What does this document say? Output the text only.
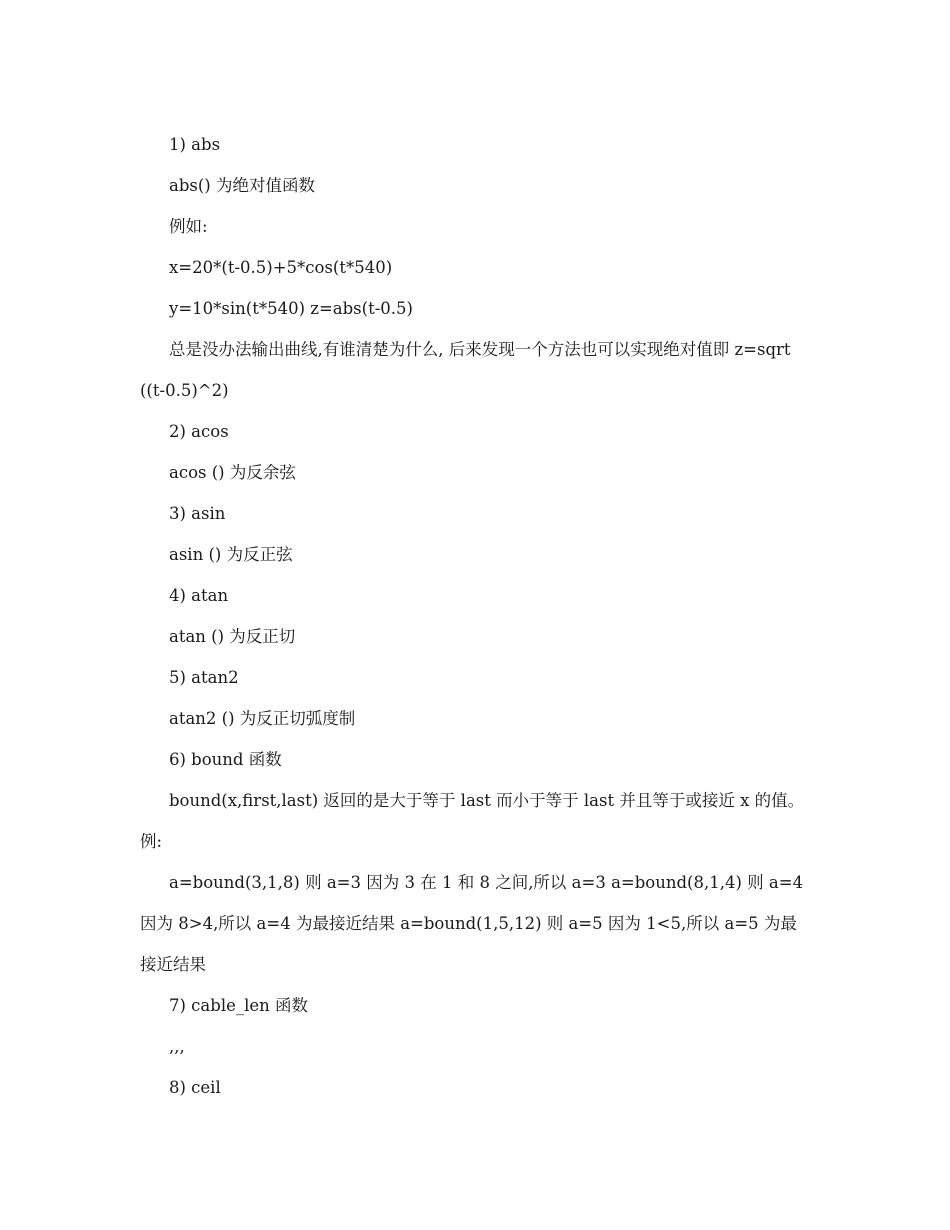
1) abs

abs() 为绝对值函数

例如:

x=20*(t-0.5)+5*cos(t*540)

y=10*sin(t*540) z=abs(t-0.5)

总是没办法输出曲线,有谁清楚为什么, 后来发现一个方法也可以实现绝对值即 z=sqrt((t-0.5)^2)

2) acos

acos () 为反余弦

3) asin

asin () 为反正弦

4) atan

atan () 为反正切

5) atan2

atan2 () 为反正切弧度制

6) bound 函数

bound(x,first,last) 返回的是大于等于 last 而小于等于 last 并且等于或接近 x 的值。例:

a=bound(3,1,8) 则 a=3 因为 3 在 1 和 8 之间,所以 a=3 a=bound(8,1,4) 则 a=4 因为 8>4,所以 a=4 为最接近结果 a=bound(1,5,12) 则 a=5 因为 1<5,所以 a=5 为最接近结果

7) cable_len 函数

,,,

8) ceil
